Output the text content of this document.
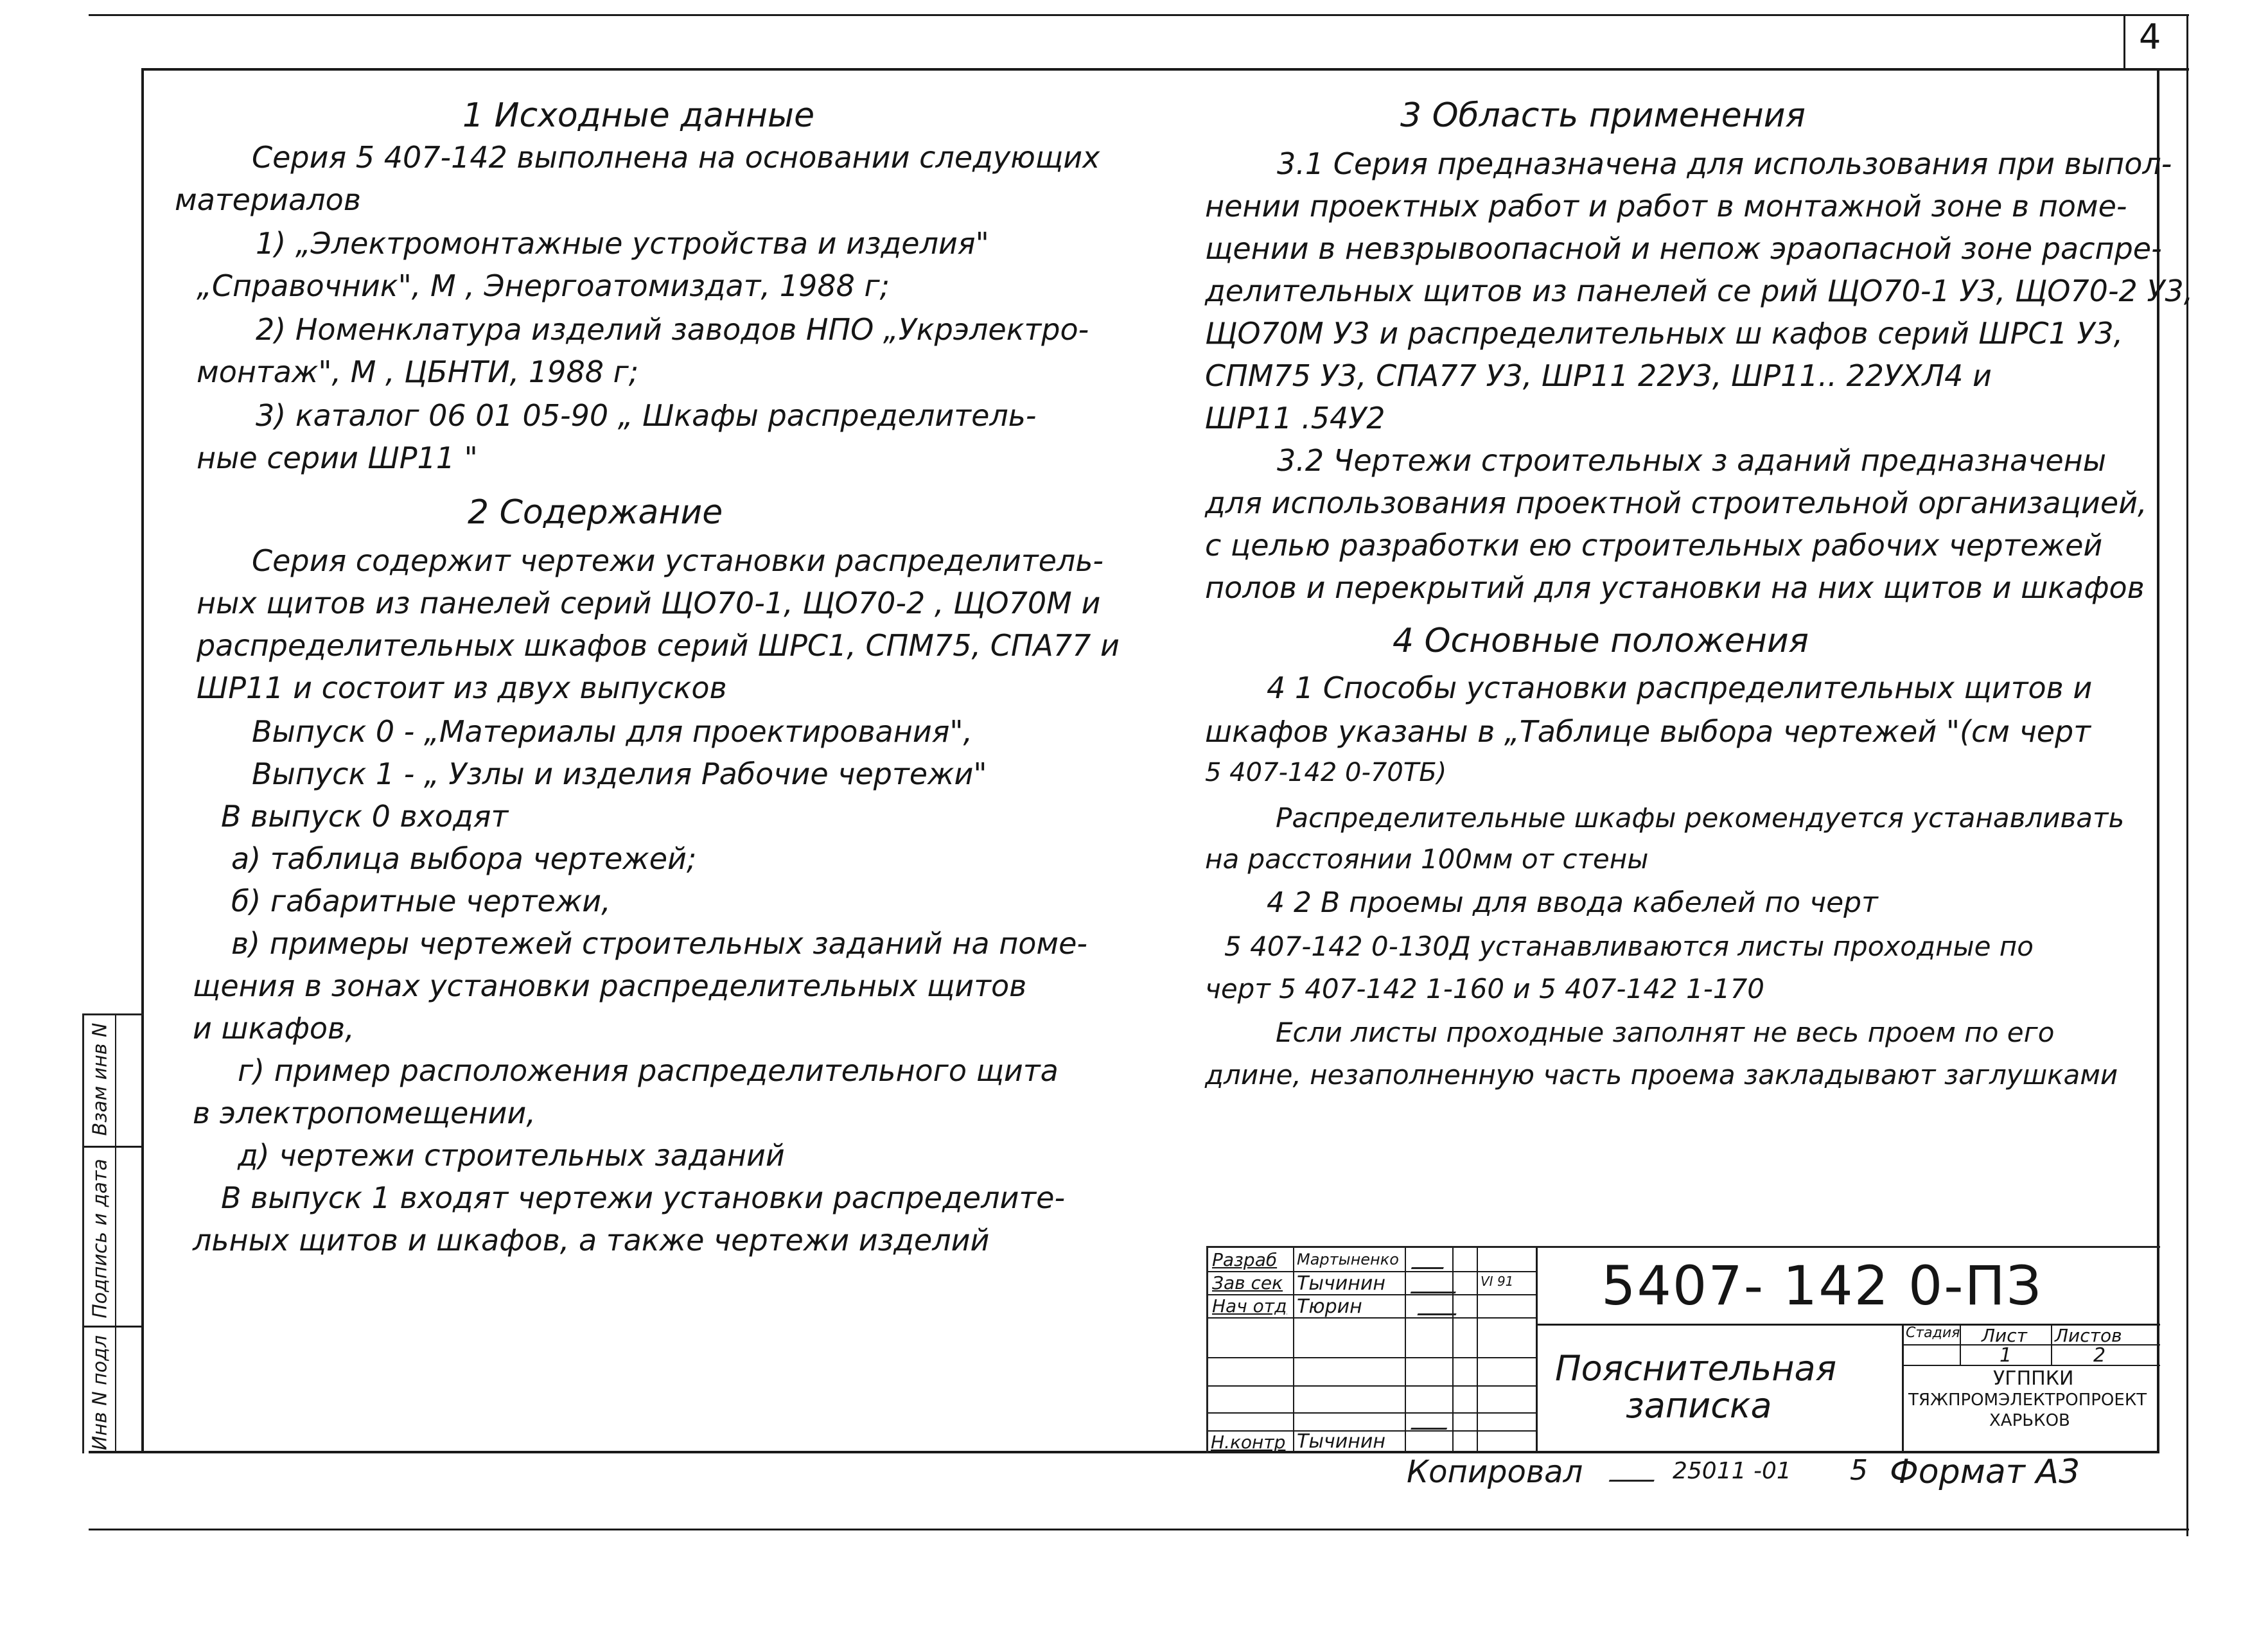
4
Взам инв N
Подпись и дата
Инв N подл
1 Исходные данные
Серия 5 407-142 выполнена на основании следующих
материалов
1) „Электромонтажные устройства и изделия"
„Справочник", М , Энергоатомиздат, 1988 г;
2) Номенклатура изделий заводов НПО „Укрэлектро-
монтаж", М , ЦБНТИ, 1988 г;
3) каталог 06 01 05-90 „ Шкафы распределитель-
ные серии ШР11 "
2 Содержание
Серия содержит чертежи установки распределитель-
ных щитов из панелей серий ЩО70-1, ЩО70-2 , ЩО70М и
распределительных шкафов серий ШРС1, СПМ75, СПА77 и
ШР11 и состоит из двух выпусков
Выпуск 0 - „Материалы для проектирования",
Выпуск 1 - „ Узлы и изделия Рабочие чертежи"
В выпуск 0 входят
а) таблица выбора чертежей;
б) габаритные чертежи,
в) примеры чертежей строительных заданий на поме-
щения в зонах установки распределительных щитов
и шкафов,
г) пример расположения распределительного щита
в электропомещении,
д) чертежи строительных заданий
В выпуск 1 входят чертежи установки распределите-
льных щитов и шкафов, а также чертежи изделий
3 Область применения
3.1 Серия предназначена для использования при выпол-
нении проектных работ и работ в монтажной зоне в поме-
щении в невзрывоопасной и непож эраопасной зоне распре-
делительных щитов из панелей се рий ЩО70-1 У3, ЩО70-2 У3,
ЩО70М У3 и распределительных ш кафов серий ШРС1 У3,
СПМ75 У3, СПА77 У3, ШР11 22У3, ШР11.. 22УХЛ4 и
ШР11 .54У2
3.2 Чертежи строительных з аданий предназначены
для использования проектной строительной организацией,
с целью разработки ею строительных рабочих чертежей
полов и перекрытий для установки на них щитов и шкафов
4 Основные положения
4 1 Способы установки распределительных щитов и
шкафов указаны в „Таблице выбора чертежей "(см черт
5 407-142 0-70ТБ)
Распределительные шкафы рекомендуется устанавливать
на расстоянии 100мм от стены
4 2 В проемы для ввода кабелей по черт
5 407-142 0-130Д устанавливаются листы проходные по
черт 5 407-142 1-160 и 5 407-142 1-170
Если листы проходные заполнят не весь проем по его
длине, незаполненную часть проема закладывают заглушками
Разраб Мартыненко
Зав сек Тычинин
Нач отд Тюрин
Н.контр Тычинин
VI 91 5407- 142 0-ПЗ
Пояснительная
записка
Стадия Лист Листов
1	2
УГППКИ
ТЯЖПРОМЭЛЕКТРОПРОЕКТ
ХАРЬКОВ
Копировал	25011 -01 5 Формат А3
